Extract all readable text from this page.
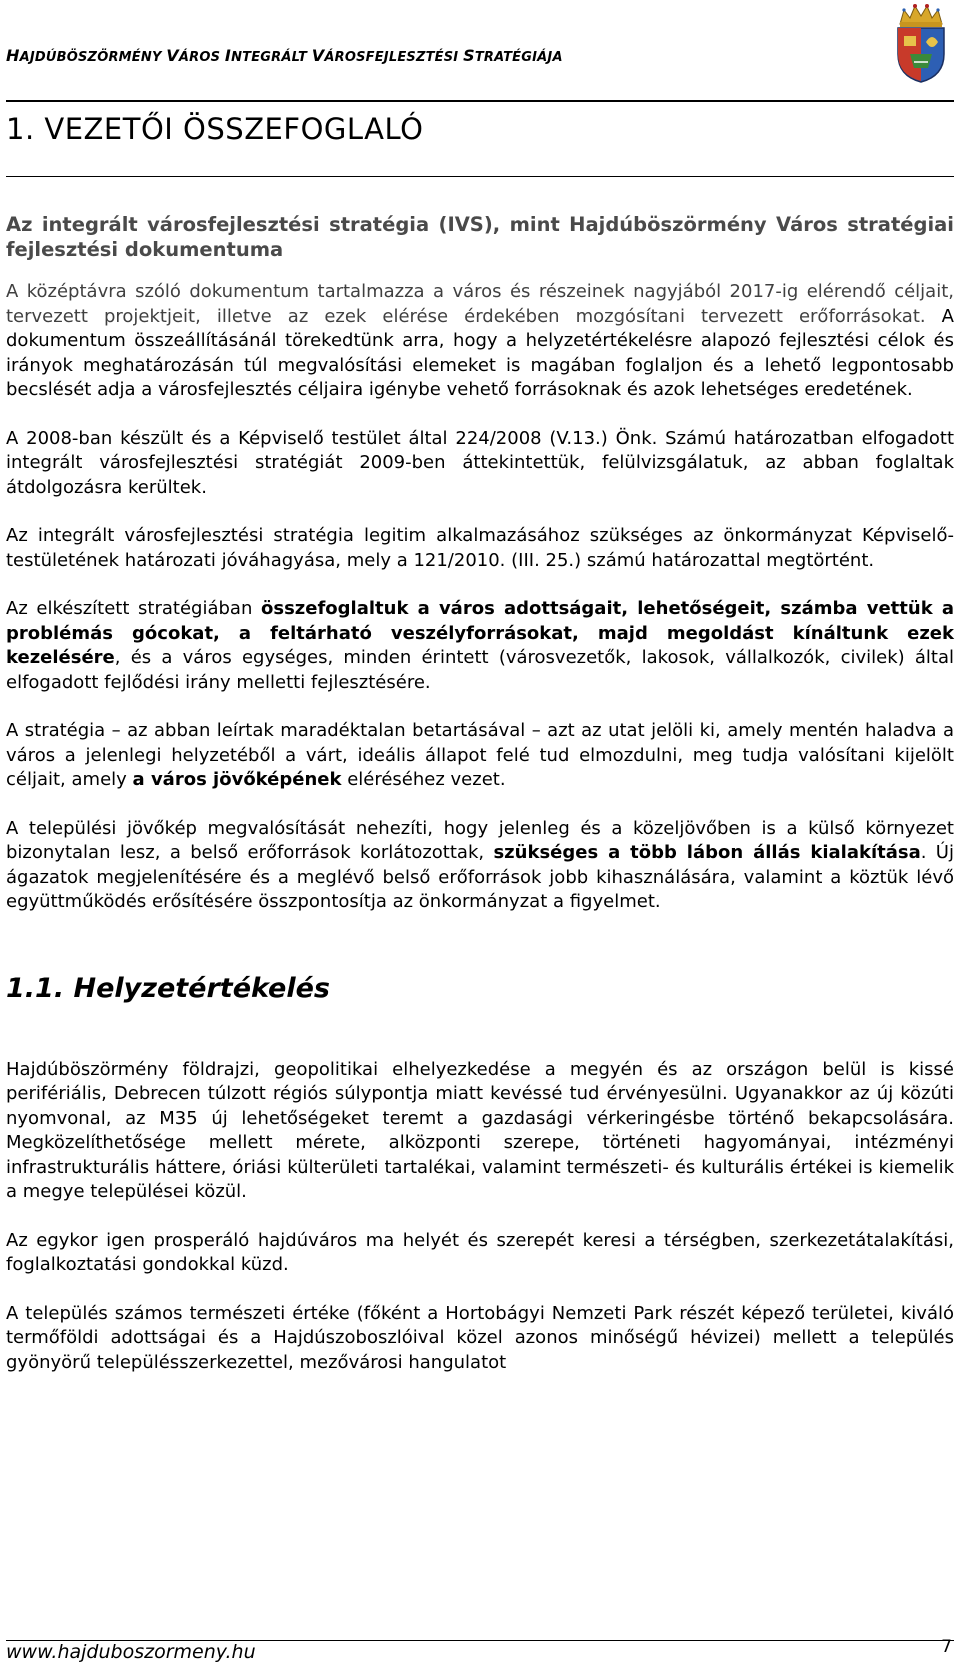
HAJDÚBÖSZÖRMÉNY VÁROS INTEGRÁLT VÁROSFEJLESZTÉSI STRATÉGIÁJA
1. VEZETŐI ÖSSZEFOGLALÓ
Az integrált városfejlesztési stratégia (IVS), mint Hajdúböszörmény Város stratégiai fejlesztési dokumentuma

A középtávra szóló dokumentum tartalmazza a város és részeinek nagyjából 2017-ig elérendő céljait, tervezett projektjeit, illetve az ezek elérése érdekében mozgósítani tervezett erőforrásokat. A dokumentum összeállításánál törekedtünk arra, hogy a helyzetértékelésre alapozó fejlesztési célok és irányok meghatározásán túl megvalósítási elemeket is magában foglaljon és a lehető legpontosabb becslését adja a városfejlesztés céljaira igénybe vehető forrásoknak és azok lehetséges eredetének.

A 2008-ban készült és a Képviselő testület által 224/2008 (V.13.) Önk. Számú határozatban elfogadott integrált városfejlesztési stratégiát 2009-ben áttekintettük, felülvizsgálatuk, az abban foglaltak átdolgozásra kerültek.

Az integrált városfejlesztési stratégia legitim alkalmazásához szükséges az önkormányzat Képviselő-testületének határozati jóváhagyása, mely a 121/2010. (III. 25.) számú határozattal megtörtént.

Az elkészített stratégiában összefoglaltuk a város adottságait, lehetőségeit, számba vettük a problémás gócokat, a feltárható veszélyforrásokat, majd megoldást kínáltunk ezek kezelésére, és a város egységes, minden érintett (városvezetők, lakosok, vállalkozók, civilek) által elfogadott fejlődési irány melletti fejlesztésére.

A stratégia – az abban leírtak maradéktalan betartásával – azt az utat jelöli ki, amely mentén haladva a város a jelenlegi helyzetéből a várt, ideális állapot felé tud elmozdulni, meg tudja valósítani kijelölt céljait, amely a város jövőképének eléréséhez vezet.

A települési jövőkép megvalósítását nehezíti, hogy jelenleg és a közeljövőben is a külső környezet bizonytalan lesz, a belső erőforrások korlátozottak, szükséges a több lábon állás kialakítása. Új ágazatok megjelenítésére és a meglévő belső erőforrások jobb kihasználására, valamint a köztük lévő együttműködés erősítésére összpontosítja az önkormányzat a figyelmet.

1.1. Helyzetértékelés

Hajdúböszörmény földrajzi, geopolitikai elhelyezkedése a megyén és az országon belül is kissé perifériális, Debrecen túlzott régiós súlypontja miatt kevéssé tud érvényesülni. Ugyanakkor az új közúti nyomvonal, az M35 új lehetőségeket teremt a gazdasági vérkeringésbe történő bekapcsolására. Megközelíthetősége mellett mérete, alközponti szerepe, történeti hagyományai, intézményi infrastrukturális háttere, óriási külterületi tartalékai, valamint természeti- és kulturális értékei is kiemelik a megye települései közül.

Az egykor igen prosperáló hajdúváros ma helyét és szerepét keresi a térségben, szerkezetátalakítási, foglalkoztatási gondokkal küzd.

A település számos természeti értéke (főként a Hortobágyi Nemzeti Park részét képező területei, kiváló termőföldi adottságai és a Hajdúszoboszlóival közel azonos minőségű hévizei) mellett a település gyönyörű településszerkezettel, mezővárosi hangulatot

www.hajduboszormeny.hu	7
